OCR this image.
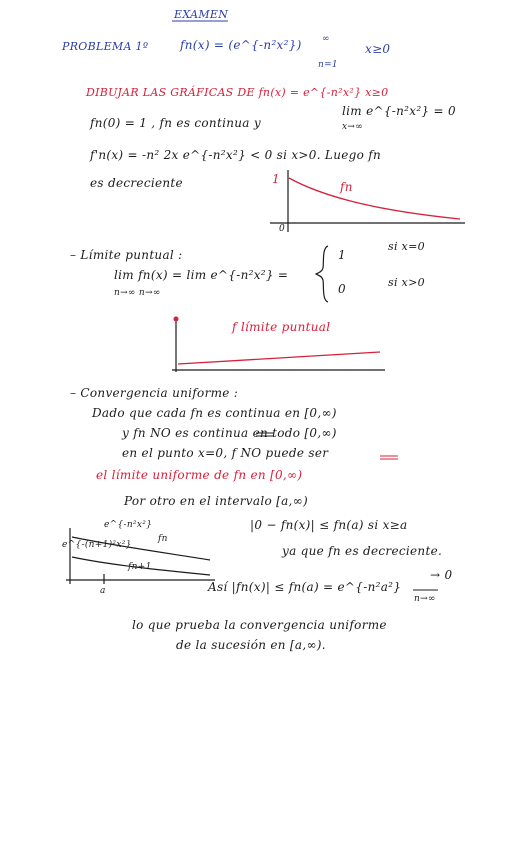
EXAMEN
PROBLEMA 1º	fn(x) = (e^{-n²x²}) ∞
n=1
x≥0
DIBUJAR LAS GRÁFICAS DE fn(x) = e^{-n²x²} x≥0
fn(0) = 1 , fn es continua y
lim e^{-n²x²} = 0
x→∞
f'n(x) = -n² 2x e^{-n²x²} < 0 si x>0. Luego fn
es decreciente	1
fn
0
– Límite puntual :
lim fn(x) = lim e^{-n²x²} =
n→∞ n→∞
1
si x=0
0	si x>0
f límite puntual
– Convergencia uniforme :
Dado que cada fn es continua en [0,∞)
y fn NO es continua en todo [0,∞)
en el punto x=0, f NO puede ser
el límite uniforme de fn en [0,∞)
Por otro en el intervalo [a,∞)
|0 − fn(x)| ≤ fn(a) si x≥a
ya que fn es decreciente.
Así |fn(x)| ≤ fn(a) = e^{-n²a²}
→ 0
n→∞
lo que prueba la convergencia uniforme
de la sucesión en [a,∞).
e^{-n²x²}
fn
e^{-(n+1)²x²}
fn+1
a
